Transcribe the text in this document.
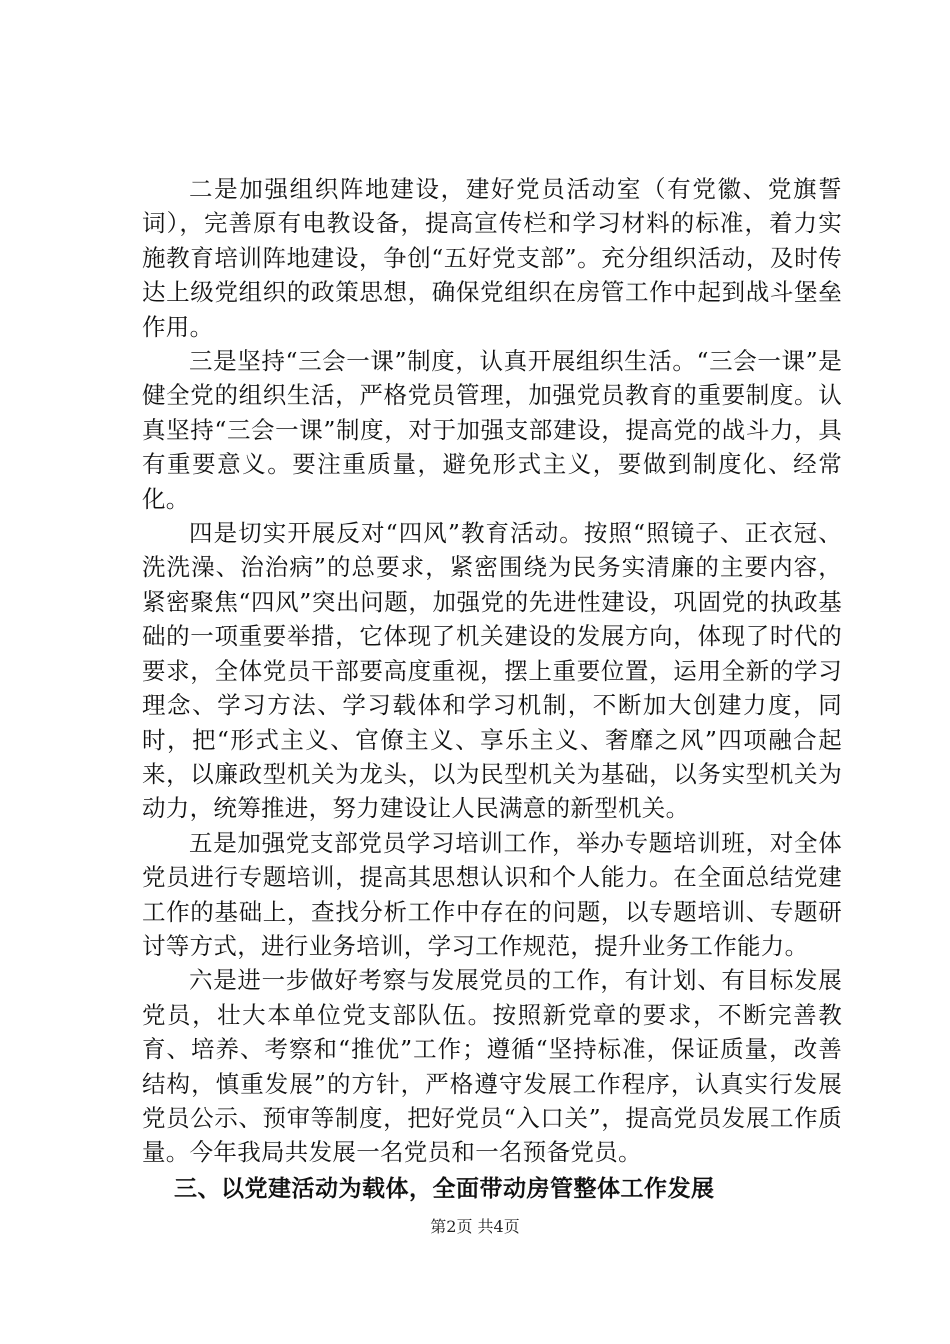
二是加强组织阵地建设，建好党员活动室（有党徽、党旗誓词），完善原有电教设备，提高宣传栏和学习材料的标准，着力实施教育培训阵地建设，争创“五好党支部”。充分组织活动，及时传达上级党组织的政策思想，确保党组织在房管工作中起到战斗堡垒作用。

三是坚持“三会一课”制度，认真开展组织生活。“三会一课”是健全党的组织生活，严格党员管理，加强党员教育的重要制度。认真坚持“三会一课”制度，对于加强支部建设，提高党的战斗力，具有重要意义。要注重质量，避免形式主义，要做到制度化、经常化。

四是切实开展反对“四风”教育活动。按照“照镜子、正衣冠、洗洗澡、治治病”的总要求，紧密围绕为民务实清廉的主要内容，紧密聚焦“四风”突出问题，加强党的先进性建设，巩固党的执政基础的一项重要举措，它体现了机关建设的发展方向，体现了时代的要求，全体党员干部要高度重视，摆上重要位置，运用全新的学习理念、学习方法、学习载体和学习机制，不断加大创建力度，同时，把“形式主义、官僚主义、享乐主义、奢靡之风”四项融合起来，以廉政型机关为龙头，以为民型机关为基础，以务实型机关为动力，统筹推进，努力建设让人民满意的新型机关。

五是加强党支部党员学习培训工作，举办专题培训班，对全体党员进行专题培训，提高其思想认识和个人能力。在全面总结党建工作的基础上，查找分析工作中存在的问题，以专题培训、专题研讨等方式，进行业务培训，学习工作规范，提升业务工作能力。

六是进一步做好考察与发展党员的工作，有计划、有目标发展党员，壮大本单位党支部队伍。按照新党章的要求，不断完善教育、培养、考察和“推优”工作；遵循“坚持标准，保证质量，改善结构，慎重发展”的方针，严格遵守发展工作程序，认真实行发展党员公示、预审等制度，把好党员“入口关”，提高党员发展工作质量。今年我局共发展一名党员和一名预备党员。

三、以党建活动为载体，全面带动房管整体工作发展
第2页 共4页
